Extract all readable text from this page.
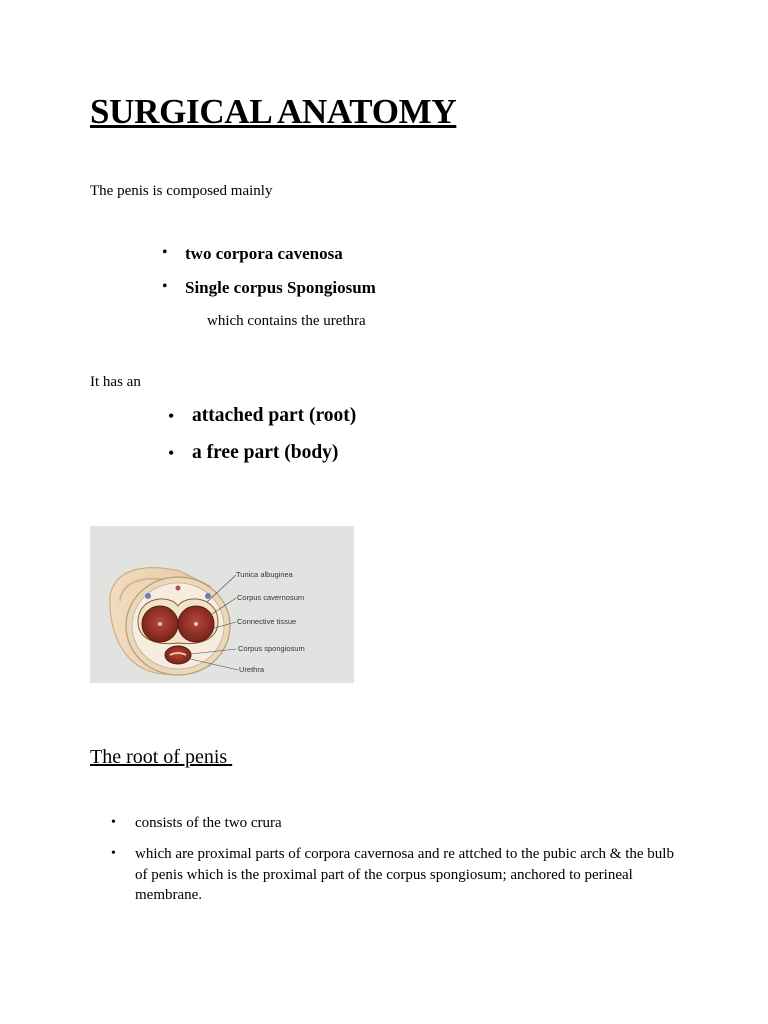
SURGICAL ANATOMY

The penis is composed mainly

• two corpora cavenosa
• Single corpus Spongiosum

which contains the urethra

It has an

• attached part (root)
• a free part (body)
Tunica albuginea
Corpus cavernosum
Connective tissue
Corpus spongiosum
Urethra
The root of penis
• consists of the two crura
• which are proximal parts of corpora cavernosa and re attched to the pubic arch & the bulb of penis which is the proximal part of the corpus spongiosum; anchored to perineal membrane.
